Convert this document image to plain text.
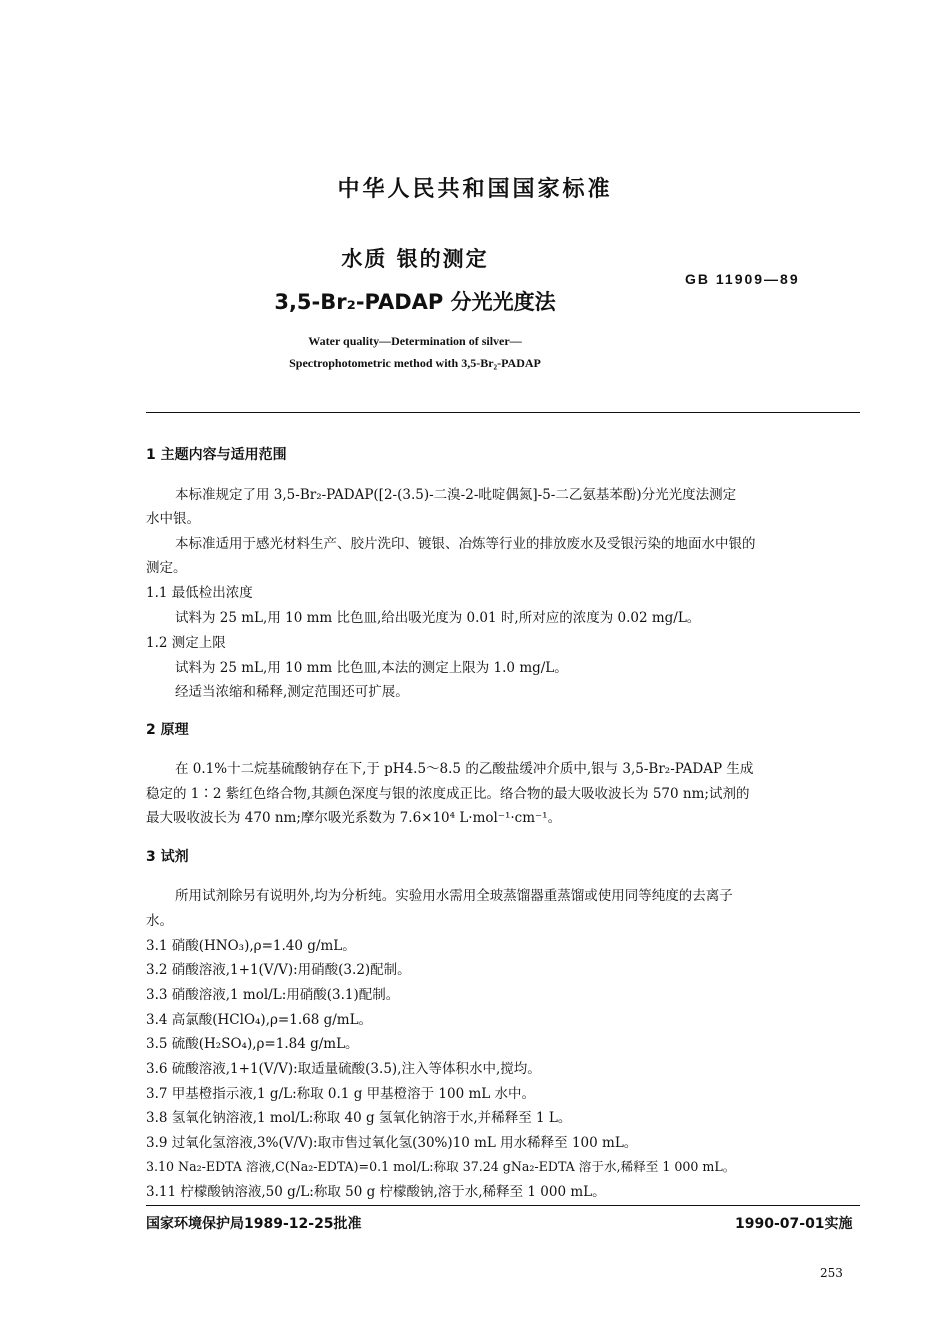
中华人民共和国国家标准
水质 银的测定
3,5-Br₂-PADAP 分光光度法
GB 11909—89
Water quality—Determination of silver—
Spectrophotometric method with 3,5-Br₂-PADAP
1 主题内容与适用范围
本标准规定了用 3,5-Br₂-PADAP([2-(3.5)-二溴-2-吡啶偶氮]-5-二乙氨基苯酚)分光光度法测定
水中银。
本标准适用于感光材料生产、胶片洗印、镀银、冶炼等行业的排放废水及受银污染的地面水中银的
测定。
1.1 最低检出浓度
试料为 25 mL,用 10 mm 比色皿,给出吸光度为 0.01 时,所对应的浓度为 0.02 mg/L。
1.2 测定上限
试料为 25 mL,用 10 mm 比色皿,本法的测定上限为 1.0 mg/L。
经适当浓缩和稀释,测定范围还可扩展。
2 原理
在 0.1%十二烷基硫酸钠存在下,于 pH4.5～8.5 的乙酸盐缓冲介质中,银与 3,5-Br₂-PADAP 生成
稳定的 1∶2 紫红色络合物,其颜色深度与银的浓度成正比。络合物的最大吸收波长为 570 nm;试剂的
最大吸收波长为 470 nm;摩尔吸光系数为 7.6×10⁴ L·mol⁻¹·cm⁻¹。
3 试剂
所用试剂除另有说明外,均为分析纯。实验用水需用全玻蒸馏器重蒸馏或使用同等纯度的去离子
水。
3.1 硝酸(HNO₃),ρ=1.40 g/mL。
3.2 硝酸溶液,1+1(V/V):用硝酸(3.2)配制。
3.3 硝酸溶液,1 mol/L:用硝酸(3.1)配制。
3.4 高氯酸(HClO₄),ρ=1.68 g/mL。
3.5 硫酸(H₂SO₄),ρ=1.84 g/mL。
3.6 硫酸溶液,1+1(V/V):取适量硫酸(3.5),注入等体积水中,搅均。
3.7 甲基橙指示液,1 g/L:称取 0.1 g 甲基橙溶于 100 mL 水中。
3.8 氢氧化钠溶液,1 mol/L:称取 40 g 氢氧化钠溶于水,并稀释至 1 L。
3.9 过氧化氢溶液,3%(V/V):取市售过氧化氢(30%)10 mL 用水稀释至 100 mL。
3.10 Na₂-EDTA 溶液,C(Na₂-EDTA)=0.1 mol/L:称取 37.24 gNa₂-EDTA 溶于水,稀释至 1 000 mL。
3.11 柠檬酸钠溶液,50 g/L:称取 50 g 柠檬酸钠,溶于水,稀释至 1 000 mL。
国家环境保护局1989-12-25批准	1990-07-01实施
253
